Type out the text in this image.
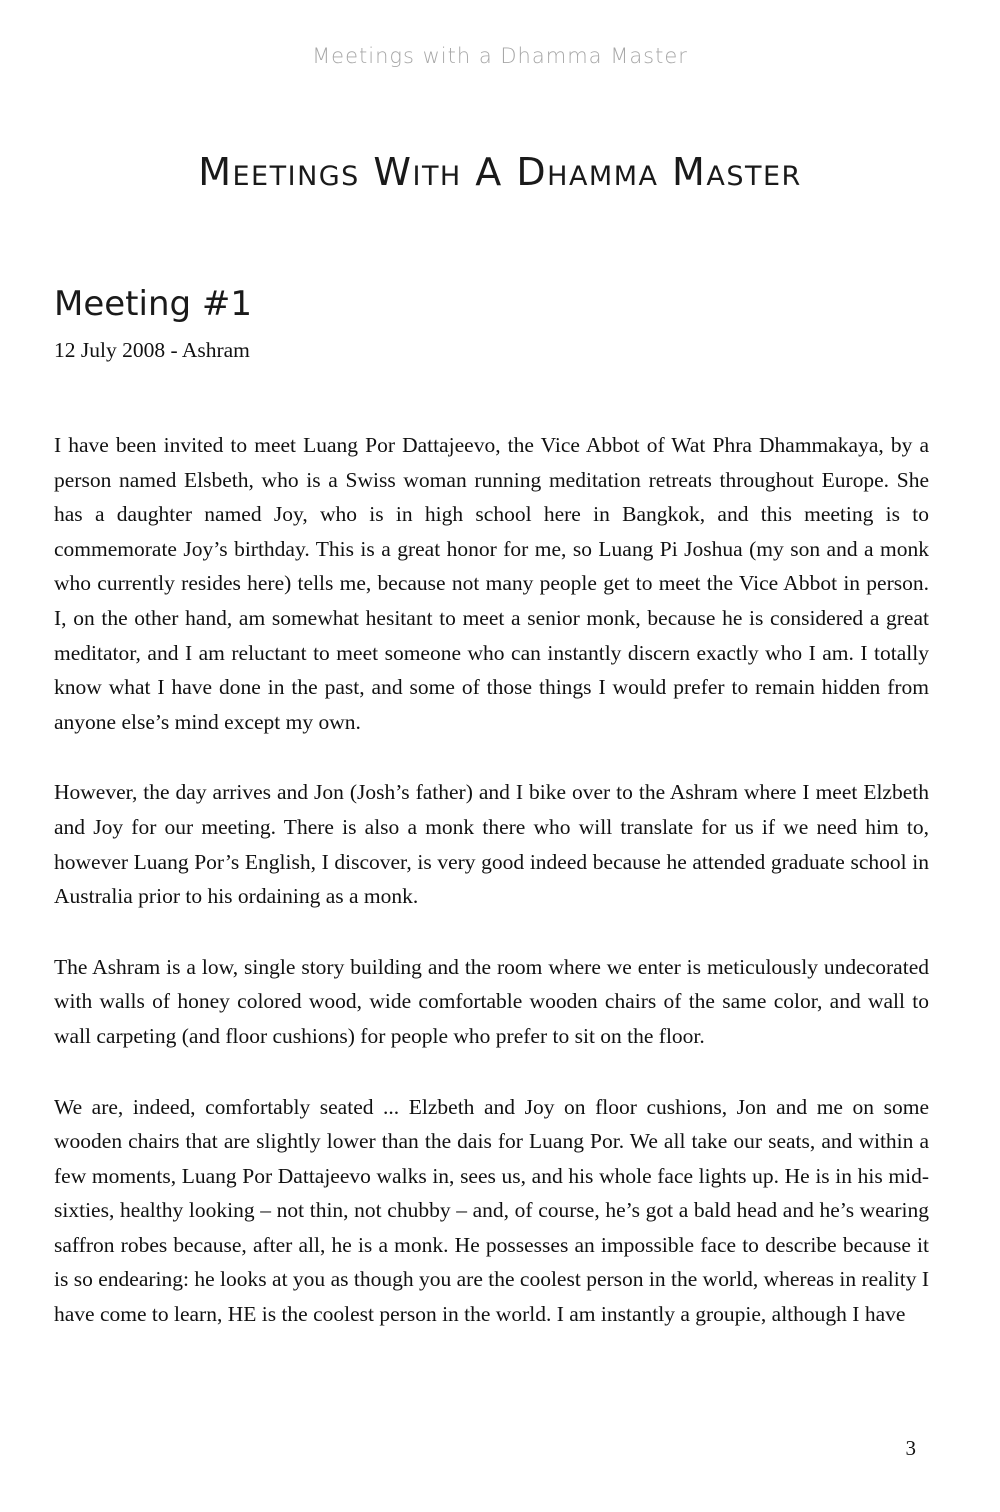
Meetings with a Dhamma Master
Meetings With A Dhamma Master
Meeting #1
12 July 2008 - Ashram

I have been invited to meet Luang Por Dattajeevo, the Vice Abbot of Wat Phra Dhammakaya, by a person named Elsbeth, who is a Swiss woman running meditation retreats throughout Europe. She has a daughter named Joy, who is in high school here in Bangkok, and this meeting is to commemorate Joy’s birthday. This is a great honor for me, so Luang Pi Joshua (my son and a monk who currently resides here) tells me, because not many people get to meet the Vice Abbot in person. I, on the other hand, am somewhat hesitant to meet a senior monk, because he is considered a great meditator, and I am reluctant to meet someone who can instantly discern exactly who I am. I totally know what I have done in the past, and some of those things I would prefer to remain hidden from anyone else’s mind except my own.

However, the day arrives and Jon (Josh’s father) and I bike over to the Ashram where I meet Elzbeth and Joy for our meeting. There is also a monk there who will translate for us if we need him to, however Luang Por’s English, I discover, is very good indeed because he attended graduate school in Australia prior to his ordaining as a monk.

The Ashram is a low, single story building and the room where we enter is meticulously undecorated with walls of honey colored wood, wide comfortable wooden chairs of the same color, and wall to wall carpeting (and floor cushions) for people who prefer to sit on the floor.

We are, indeed, comfortably seated ... Elzbeth and Joy on floor cushions, Jon and me on some wooden chairs that are slightly lower than the dais for Luang Por. We all take our seats, and within a few moments, Luang Por Dattajeevo walks in, sees us, and his whole face lights up. He is in his mid-sixties, healthy looking – not thin, not chubby – and, of course, he’s got a bald head and he’s wearing saffron robes because, after all, he is a monk. He possesses an impossible face to describe because it is so endearing: he looks at you as though you are the coolest person in the world, whereas in reality I have come to learn, HE is the coolest person in the world. I am instantly a groupie, although I have

3
